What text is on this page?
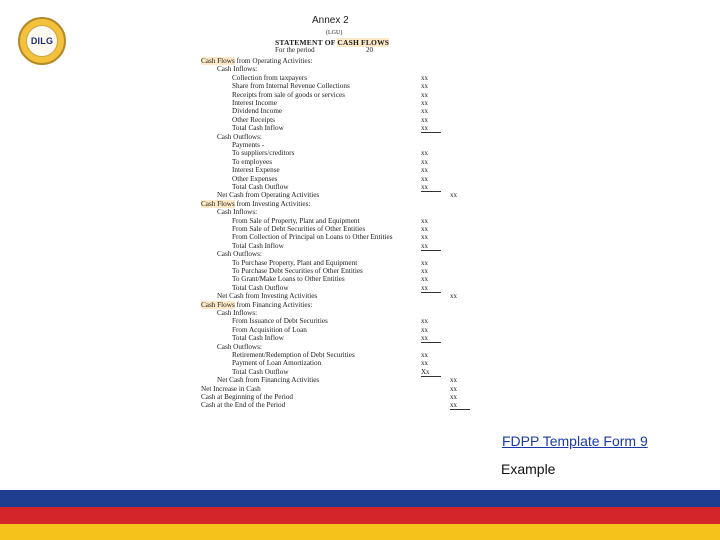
DILG
Annex 2
(LGU)
STATEMENT OF CASH FLOWS
For the period	20
Cash Flows from Operating Activities:
Cash Inflows:
Collection from taxpayers	xx
Share from Internal Revenue Collections	xx
Receipts from sale of goods or services	xx
Interest Income	xx
Dividend Income	xx
Other Receipts	xx
Total Cash Inflow	xx
Cash Outflows:
Payments -
To suppliers/creditors	xx
To employees	xx
Interest Expense	xx
Other Expenses	xx
Total Cash Outflow	xx
Net Cash from Operating Activities	xx
Cash Flows from Investing Activities:
Cash Inflows:
From Sale of Property, Plant and Equipment	xx
From Sale of Debt Securities of Other Entities	xx
From Collection of Principal on Loans to Other Entities	xx
Total Cash Inflow	xx
Cash Outflows:
To Purchase Property, Plant and Equipment	xx
To Purchase Debt Securities of Other Entities	xx
To Grant/Make Loans to Other Entities	xx
Total Cash Outflow	xx
Net Cash from Investing Activities	xx
Cash Flows from Financing Activities:
Cash Inflows:
From Issuance of Debt Securities	xx
From Acquisition of Loan	xx
Total Cash Inflow	xx
Cash Outflows:
Retirement/Redemption of Debt Securities	xx
Payment of Loan Amortization	xx
Total Cash Outflow	Xx
Net Cash from Financing Activities	xx
Net Increase in Cash	xx
Cash at Beginning of the Period	xx
Cash at the End of the Period	xx
FDPP Template Form 9
Example
